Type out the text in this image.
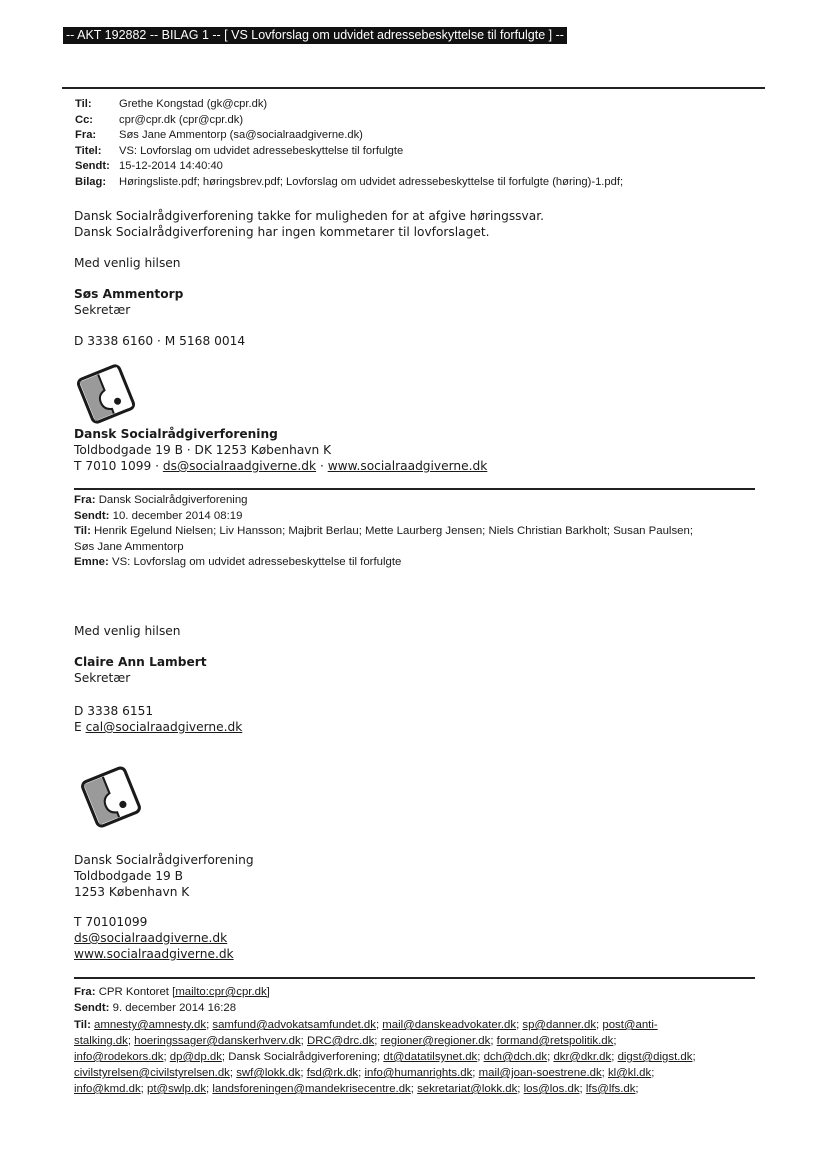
-- AKT 192882 -- BILAG 1 -- [ VS Lovforslag om udvidet adressebeskyttelse til forfulgte ] --
Til:	Grethe Kongstad (gk@cpr.dk)
Cc:	cpr@cpr.dk (cpr@cpr.dk)
Fra:	Søs Jane Ammentorp (sa@socialraadgiverne.dk)
Titel:	VS: Lovforslag om udvidet adressebeskyttelse til forfulgte
Sendt: 15-12-2014 14:40:40
Bilag:	Høringsliste.pdf; høringsbrev.pdf; Lovforslag om udvidet adressebeskyttelse til forfulgte (høring)-1.pdf;
Dansk Socialrådgiverforening takke for muligheden for at afgive høringssvar.
Dansk Socialrådgiverforening har ingen kommetarer til lovforslaget.
Med venlig hilsen
Søs Ammentorp
Sekretær
D 3338 6160 · M 5168 0014
Dansk Socialrådgiverforening
Toldbodgade 19 B · DK 1253 København K
T 7010 1099 · ds@socialraadgiverne.dk · www.socialraadgiverne.dk
Fra: Dansk Socialrådgiverforening
Sendt: 10. december 2014 08:19
Til: Henrik Egelund Nielsen; Liv Hansson; Majbrit Berlau; Mette Laurberg Jensen; Niels Christian Barkholt; Susan Paulsen;
Søs Jane Ammentorp
Emne: VS: Lovforslag om udvidet adressebeskyttelse til forfulgte
Med venlig hilsen
Claire Ann Lambert
Sekretær
D 3338 6151
E cal@socialraadgiverne.dk
Dansk Socialrådgiverforening
Toldbodgade 19 B
1253 København K
T 70101099
ds@socialraadgiverne.dk
www.socialraadgiverne.dk
Fra: CPR Kontoret [mailto:cpr@cpr.dk]
Sendt: 9. december 2014 16:28
Til: amnesty@amnesty.dk; samfund@advokatsamfundet.dk; mail@danskeadvokater.dk; sp@danner.dk; post@anti-
stalking.dk; hoeringssager@danskerhverv.dk; DRC@drc.dk; regioner@regioner.dk; formand@retspolitik.dk;
info@rodekors.dk; dp@dp.dk; Dansk Socialrådgiverforening; dt@datatilsynet.dk; dch@dch.dk; dkr@dkr.dk; digst@digst.dk;
civilstyrelsen@civilstyrelsen.dk; swf@lokk.dk; fsd@rk.dk; info@humanrights.dk; mail@joan-soestrene.dk; kl@kl.dk;
info@kmd.dk; pt@swlp.dk; landsforeningen@mandekrisecentre.dk; sekretariat@lokk.dk; los@los.dk; lfs@lfs.dk;
